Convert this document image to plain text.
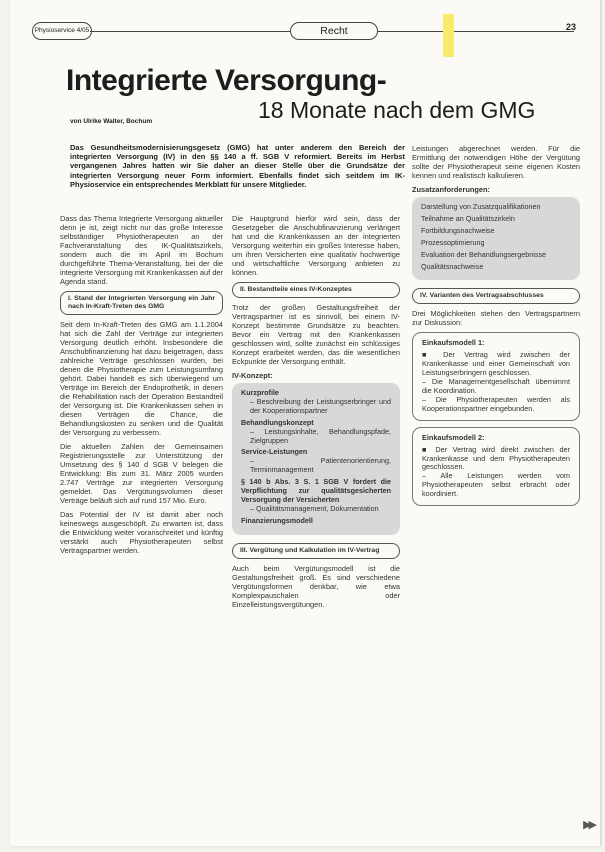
Physioservice 4/05	Recht	23
Integrierte Versorgung-
18 Monate nach dem GMG
von Ulrike Walter, Bochum
Das Gesundheitsmodernisierungsgesetz (GMG) hat unter anderem den Bereich der integrierten Versorgung (IV) in den §§ 140 a ff. SGB V reformiert. Bereits im Herbst vergangenen Jahres hatten wir Sie daher an dieser Stelle über die Grundsätze der integrierten Versorgung neuer Form informiert. Ebenfalls findet sich seitdem im IK-Physioservice ein entsprechendes Merkblatt für unsere Mitglieder.

Dass das Thema Integrierte Versorgung aktueller denn je ist, zeigt nicht nur das große Interesse selbständiger Physiotherapeuten an der Fachveranstaltung des IK-Qualitätszirkels, sondern auch die im April im Bochum durchgeführte Thema-Veranstaltung, bei der die integrierte Versorgung mit Krankenkassen auf der Agenda stand.

I. Stand der Integrierten Versorgung ein Jahr nach In-Kraft-Treten des GMG

Seit dem In-Kraft-Treten des GMG am 1.1.2004 hat sich die Zahl der Verträge zur integrierten Versorgung deutlich erhöht. Insbesondere die Anschubfinanzierung hat dazu beigetragen, dass zahlreiche Verträge geschlossen wurden, bei denen die Physiotherapie zum Leistungsumfang gehört. Dabei handelt es sich überwiegend um Verträge im Bereich der Endoprothetik, in denen die Rehabilitation nach der Operation Bestandteil der Versorgung ist. Die Krankenkassen sehen in diesen Verträgen die Chance, die Behandlungskosten zu senken und die Qualität der Versorgung zu verbessern.

Die aktuellen Zahlen der Gemeinsamen Registrierungsstelle zur Unterstützung der Umsetzung des § 140 d SGB V belegen die Entwicklung: Bis zum 31. März 2005 wurden 2.747 Verträge zur integrierten Versorgung gemeldet. Das Vergütungsvolumen dieser Verträge beläuft sich auf rund 157 Mio. Euro.

Das Potential der IV ist damit aber noch keineswegs ausgeschöpft. Zu erwarten ist, dass die Entwicklung weiter voranschreitet und künftig verstärkt auch Physiotherapeuten selbst Vertragspartner werden.

Die Hauptgrund hierfür wird sein, dass der Gesetzgeber die Anschubfinanzierung verlängert hat und die Krankenkassen an der integrierten Versorgung weiterhin ein großes Interesse haben, um ihren Versicherten eine qualitativ hochwertige und wirtschaftliche Versorgung anbieten zu können.

II. Bestandteile eines IV-Konzeptes

Trotz der großen Gestaltungsfreiheit der Vertragspartner ist es sinnvoll, bei einem IV-Konzept bestimmte Grundsätze zu beachten. Bevor ein Vertrag mit den Krankenkassen geschlossen wird, sollte zunächst ein schlüssiges Konzept erarbeitet werden, das die wesentlichen Eckpunkte der Versorgung enthält.

IV-Konzept:
Kurzprofile
– Beschreibung der Leistungserbringer und der Kooperationspartner
Behandlungskonzept
– Leistungsinhalte, Behandlungspfade, Zielgruppen
Service-Leistungen
– Patientenorientierung, Terminmanagement
§ 140 b Abs. 3 S. 1 SGB V fordert die Verpflichtung zur qualitätsgesicherten Versorgung der Versicherten
– Qualitätsmanagement, Dokumentation
Finanzierungsmodell
III. Vergütung und Kalkulation im IV-Vertrag

Auch beim Vergütungsmodell ist die Gestaltungsfreiheit groß. Es sind verschiedene Vergütungsformen denkbar, wie etwa Komplexpauschalen oder Einzelleistungsvergütungen.

Leistungen abgerechnet werden. Für die Ermittlung der notwendigen Höhe der Vergütung sollte der Physiotherapeut seine eigenen Kosten kennen und realistisch kalkulieren.

Zusatzanforderungen:
Darstellung von Zusatzqualifikationen
Teilnahme an Qualitätszirkeln
Fortbildungsnachweise
Prozessoptimierung
Evaluation der Behandlungsergebnisse
Qualitätsnachweise
IV. Varianten des Vertragsabschlusses

Drei Möglichkeiten stehen den Vertragspartnern zur Diskussion:

Einkaufsmodell 1:
■ Der Vertrag wird zwischen der Krankenkasse und einer Gemeinschaft von Leistungserbringern geschlossen.
– Die Managementgesellschaft übernimmt die Koordination.
– Die Physiotherapeuten werden als Kooperationspartner eingebunden.
Einkaufsmodell 2:
■ Der Vertrag wird direkt zwischen der Krankenkasse und dem Physiotherapeuten geschlossen.
– Alle Leistungen werden vom Physiotherapeuten selbst erbracht oder koordiniert.
▶▶
